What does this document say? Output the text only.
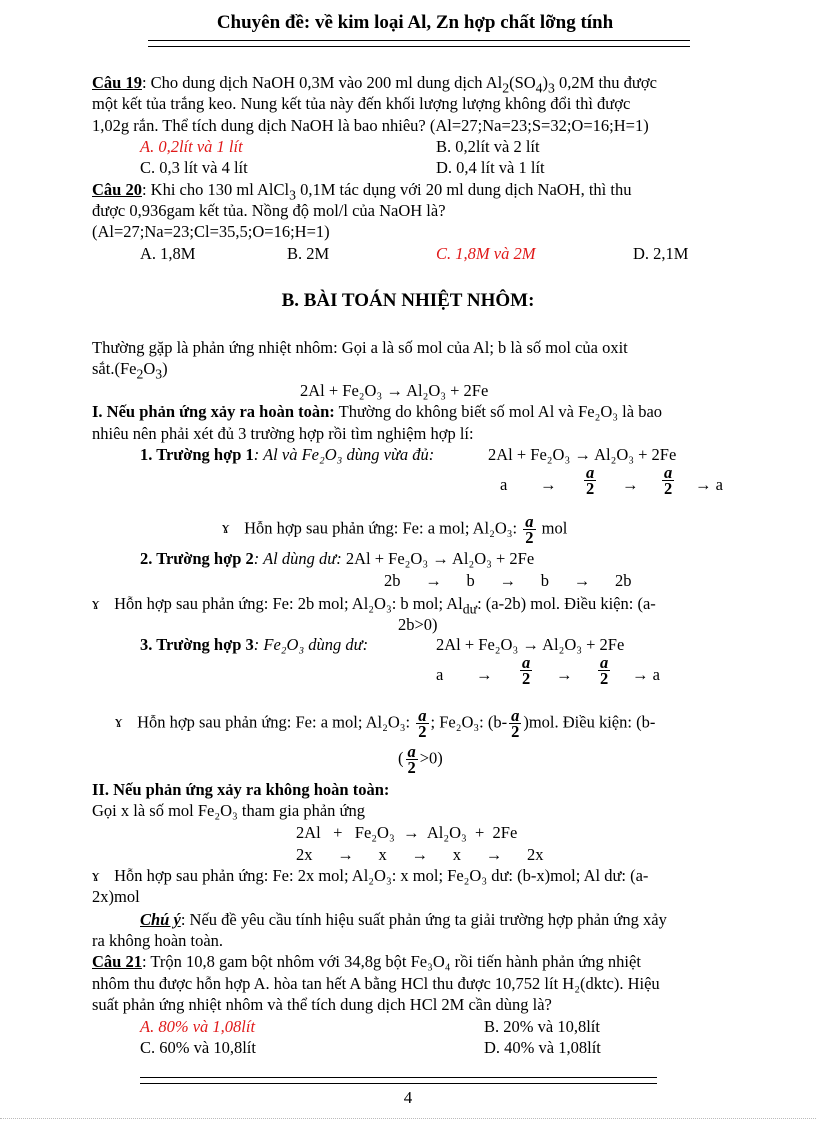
Chuyên đề: về kim loại Al, Zn hợp chất lỡng tính
Câu 19: Cho dung dịch NaOH 0,3M vào 200 ml dung dịch $Al_2(SO_4)_3$ 0,2M thu được
một kết tủa trắng keo. Nung kết tủa này đến khối lượng lượng không đổi thì được
1,02g rắn. Thể tích dung dịch NaOH là bao nhiêu? (Al=27;Na=23;S=32;O=16;H=1)
A. 0,2lít và 1 lít	B. 0,2lít và 2 lít
C. 0,3 lít và 4 lít	D. 0,4 lít và 1 lít
Câu 20: Khi cho 130 ml AlCl$_3$ 0,1M tác dụng với 20 ml dung dịch NaOH, thì thu
được 0,936gam kết tủa. Nồng độ mol/l của NaOH là?
(Al=27;Na=23;Cl=35,5;O=16;H=1)
A. 1,8M	B. 2M	C. 1,8M và 2M	D. 2,1M
B. BÀI TOÁN NHIỆT NHÔM:
Thường gặp là phản ứng nhiệt nhôm: Gọi a là số mol của Al; b là số mol của oxit
$sắt.(Fe_2O_3)$
2Al + Fe₂O₃ → Al₂O₃ + 2Fe
I. Nếu phản ứng xảy ra hoàn toàn: Thường do không biết số mol Al và Fe₂O₃ là bao
nhiêu nên phải xét đủ 3 trường hợp rồi tìm nghiệm hợp lí:
1. Trường hợp 1: Al và Fe₂O₃ dùng vừa đủ:	2Al + Fe₂O₃ → Al₂O₃ + 2Fe
$a \to \frac{a}{2} \to \frac{a}{2} \to a$
ɤ Hỗn hợp sau phản ứng: Fe: a mol; Al₂O₃: $\frac{a}{2}$ mol
2. Trường hợp 2: Al dùng dư: 2Al + Fe₂O₃ → Al₂O₃ + 2Fe
2b      →      b      →      b      →      2b
ɤ Hỗn hợp sau phản ứng: Fe: 2b mol; Al₂O₃: b mol; $Al_{dư}$: (a-2b) mol. Điều kiện: (a-
2b>0)
3. Trường hợp 3: Fe₂O₃ dùng dư:	2Al + Fe₂O₃ → Al₂O₃ + 2Fe
$a \to \frac{a}{2} \to \frac{a}{2} \to a$
ɤ Hỗn hợp sau phản ứng: Fe: a mol; Al₂O₃: $\frac{a}{2}$ ; Fe₂O₃: $(b- \frac{a}{2} )mol$. Điều kiện: (b-
( $\frac{a}{2} >0$)
II. Nếu phản ứng xảy ra không hoàn toàn:
Gọi x là số mol Fe₂O₃ tham gia phản ứng
2Al   +   Fe₂O₃  →  Al₂O₃  +  2Fe
2x      →      x      →      x      →      2x
ɤ Hỗn hợp sau phản ứng: Fe: 2x mol; Al₂O₃: x mol; Fe₂O₃ dư: (b-x)mol; Al dư: (a-
2x)mol
Chú ý: Nếu đề yêu cầu tính hiệu suất phản ứng ta giải trường hợp phản ứng xảy
ra không hoàn toàn.
Câu 21: Trộn 10,8 gam bột nhôm với 34,8g bột Fe₃O₄ rồi tiến hành phản ứng nhiệt
nhôm thu được hỗn hợp A. hòa tan hết A bằng HCl thu được 10,752 lít H₂(dktc). Hiệu
suất phản ứng nhiệt nhôm và thể tích dung dịch HCl 2M cần dùng là?
A. 80% và 1,08lít	B. 20% và 10,8lít
C. 60% và 10,8lít	D. 40% và 1,08lít
4
